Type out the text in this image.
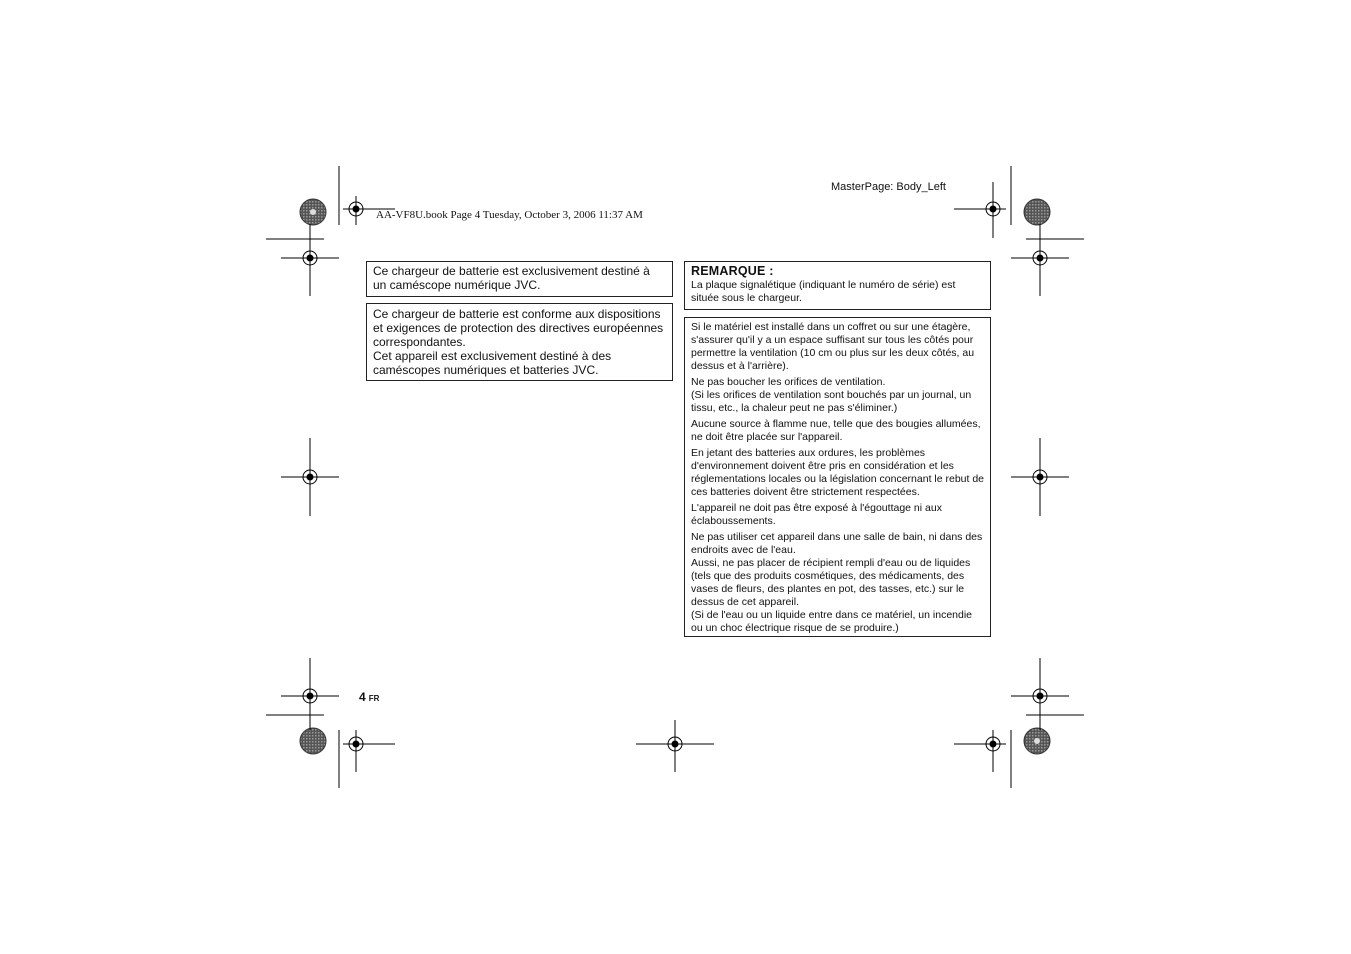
MasterPage: Body_Left
AA-VF8U.book Page 4 Tuesday, October 3, 2006 11:37 AM
Ce chargeur de batterie est exclusivement destiné à un caméscope numérique JVC.
Ce chargeur de batterie est conforme aux dispositions et exigences de protection des directives européennes correspondantes.
Cet appareil est exclusivement destiné à des caméscopes numériques et batteries JVC.
REMARQUE :
La plaque signalétique (indiquant le numéro de série) est située sous le chargeur.

Si le matériel est installé dans un coffret ou sur une étagère, s'assurer qu'il y a un espace suffisant sur tous les côtés pour permettre la ventilation (10 cm ou plus sur les deux côtés, au dessus et à l'arrière).

Ne pas boucher les orifices de ventilation.
(Si les orifices de ventilation sont bouchés par un journal, un tissu, etc., la chaleur peut ne pas s'éliminer.)

Aucune source à flamme nue, telle que des bougies allumées, ne doit être placée sur l'appareil.

En jetant des batteries aux ordures, les problèmes d'environnement doivent être pris en considération et les réglementations locales ou la législation concernant le rebut de ces batteries doivent être strictement respectées.

L'appareil ne doit pas être exposé à l'égouttage ni aux éclaboussements.

Ne pas utiliser cet appareil dans une salle de bain, ni dans des endroits avec de l'eau.
Aussi, ne pas placer de récipient rempli d'eau ou de liquides (tels que des produits cosmétiques, des médicaments, des vases de fleurs, des plantes en pot, des tasses, etc.) sur le dessus de cet appareil.
(Si de l'eau ou un liquide entre dans ce matériel, un incendie ou un choc électrique risque de se produire.)

4 FR
